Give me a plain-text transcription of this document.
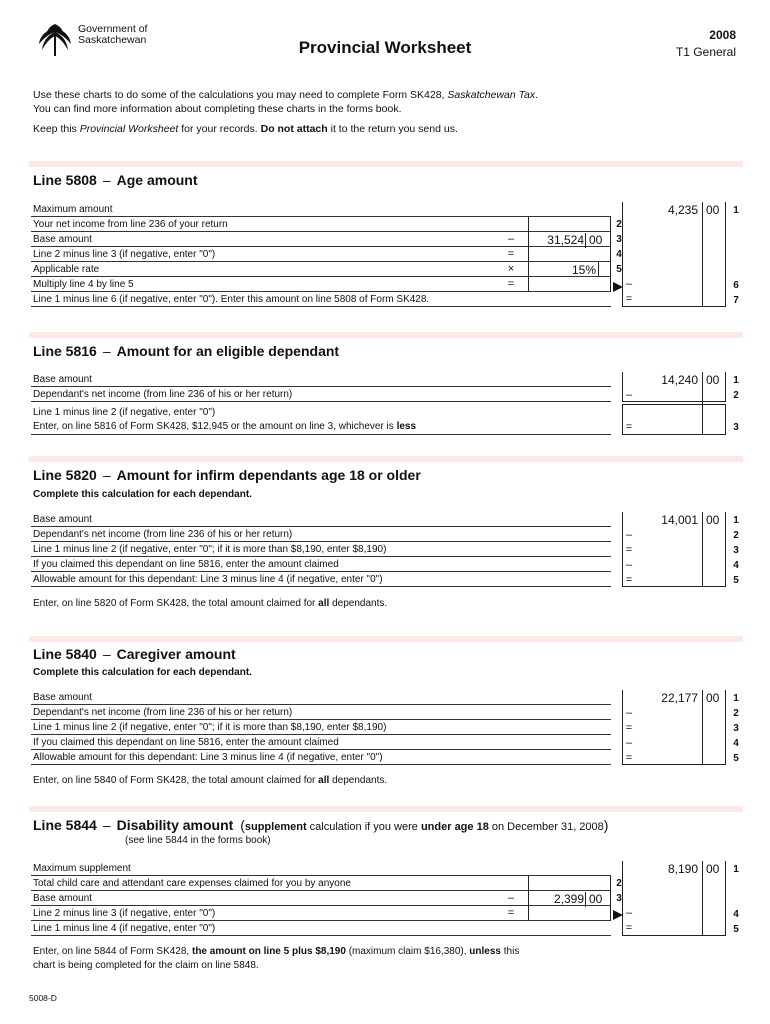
Government of
Saskatchewan	Provincial Worksheet
2008
T1 General
Use these charts to do some of the calculations you may need to complete Form SK428, Saskatchewan Tax.
You can find more information about completing these charts in the forms book.
Keep this Provincial Worksheet for your records. Do not attach it to the return you send us.
Line 5808 – Age amount
Maximum amount
Your net income from line 236 of your return
Base amount
Line 2 minus line 3 (if negative, enter "0")
Applicable rate
Multiply line 4 by line 5
Line 1 minus line 6 (if negative, enter "0"). Enter this amount on line 5808 of Form SK428.
–
=
×
=
31,524 00
15%
2
3
4
5
4,235 00
–
=
1
6
7
Line 5816 – Amount for an eligible dependant
Base amount
Dependant's net income (from line 236 of his or her return)
Line 1 minus line 2 (if negative, enter "0")
Enter, on line 5816 of Form SK428, $12,945 or the amount on line 3, whichever is less
14,240 00
–
=
1
2
3
Line 5820 – Amount for infirm dependants age 18 or older
Complete this calculation for each dependant.
Base amount
Dependant's net income (from line 236 of his or her return)
Line 1 minus line 2 (if negative, enter "0"; if it is more than $8,190, enter $8,190)
If you claimed this dependant on line 5816, enter the amount claimed
Allowable amount for this dependant: Line 3 minus line 4 (if negative, enter "0")
14,001 00
–
=
–
=
1
2
3
4
5
Enter, on line 5820 of Form SK428, the total amount claimed for all dependants.
Line 5840 – Caregiver amount
Complete this calculation for each dependant.
Base amount
Dependant's net income (from line 236 of his or her return)
Line 1 minus line 2 (if negative, enter "0"; if it is more than $8,190, enter $8,190)
If you claimed this dependant on line 5816, enter the amount claimed
Allowable amount for this dependant: Line 3 minus line 4 (if negative, enter "0")
22,177 00
–
=
–
=
1
2
3
4
5
Enter, on line 5840 of Form SK428, the total amount claimed for all dependants.
Line 5844 – Disability amount (supplement calculation if you were under age 18 on December 31, 2008)
(see line 5844 in the forms book)
Maximum supplement
Total child care and attendant care expenses claimed for you by anyone
Base amount
Line 2 minus line 3 (if negative, enter "0")
Line 1 minus line 4 (if negative, enter "0")
–
=
2,399 00
2
3
8,190 00
–
=
1
4
5
Enter, on line 5844 of Form SK428, the amount on line 5 plus $8,190 (maximum claim $16,380), unless this
chart is being completed for the claim on line 5848.
5008-D
